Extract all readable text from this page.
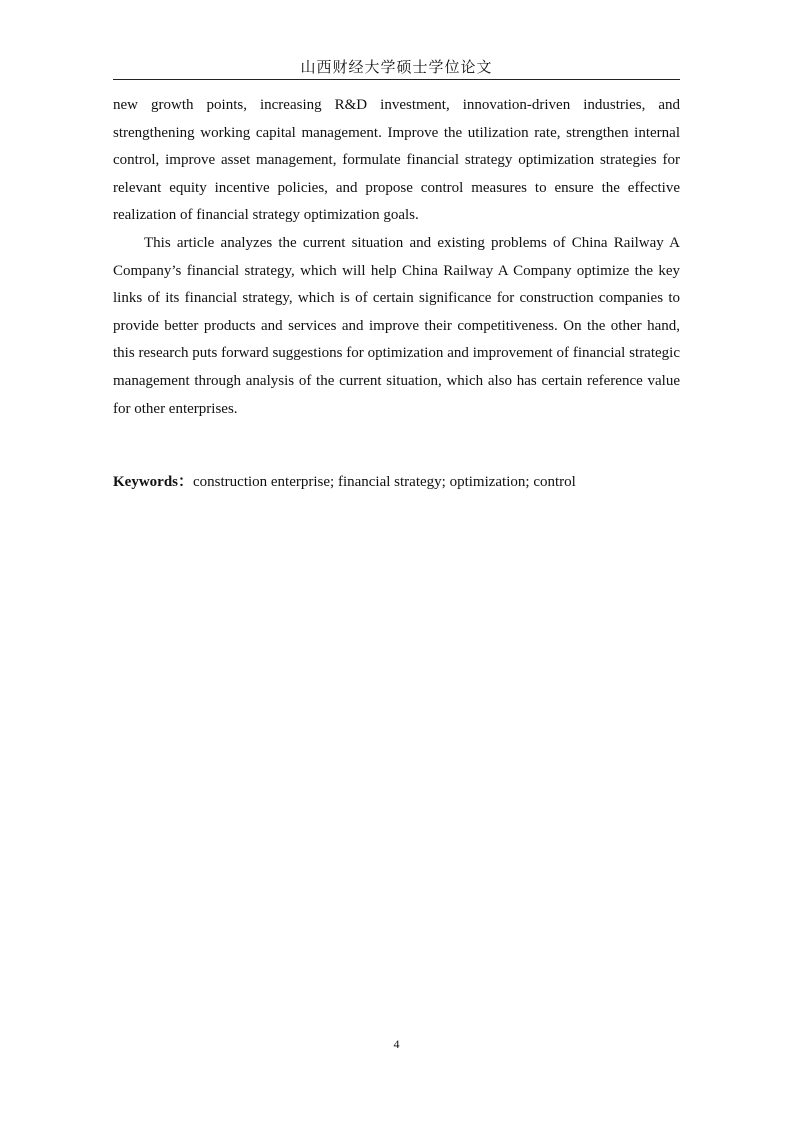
山西财经大学硕士学位论文

new growth points, increasing R&D investment, innovation-driven industries, and strengthening working capital management. Improve the utilization rate, strengthen internal control, improve asset management, formulate financial strategy optimization strategies for relevant equity incentive policies, and propose control measures to ensure the effective realization of financial strategy optimization goals.

This article analyzes the current situation and existing problems of China Railway A Company’s financial strategy, which will help China Railway A Company optimize the key links of its financial strategy, which is of certain significance for construction companies to provide better products and services and improve their competitiveness. On the other hand, this research puts forward suggestions for optimization and improvement of financial strategic management through analysis of the current situation, which also has certain reference value for other enterprises.

Keywords：construction enterprise; financial strategy; optimization; control
4
